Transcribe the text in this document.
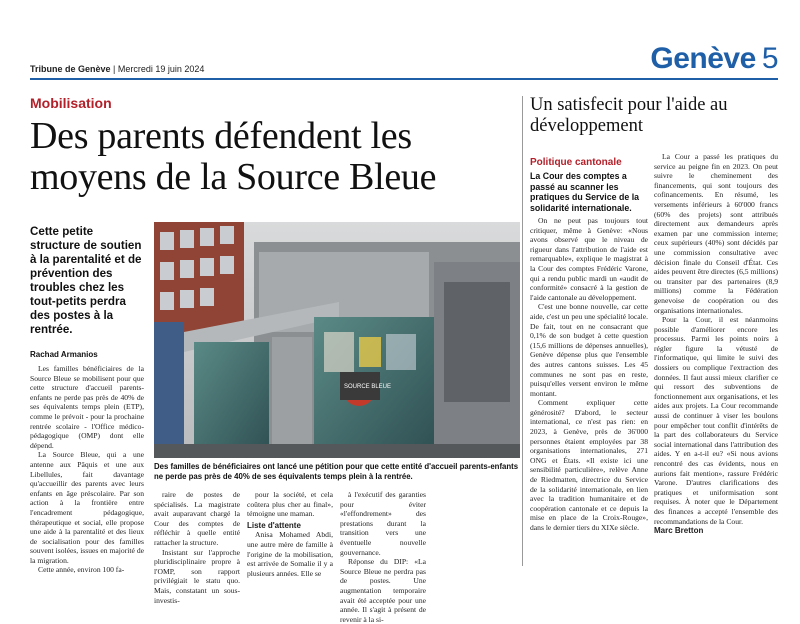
Tribune de Genève | Mercredi 19 juin 2024	Genève 5
Mobilisation
Des parents défendent les moyens de la Source Bleue
Cette petite structure de soutien à la parentalité et de prévention des troubles chez les tout-petits perdra des postes à la rentrée.
Rachad Armanios

Les familles bénéficiaires de la Source Bleue se mobilisent pour que cette structure d'accueil parents-enfants ne perde pas près de 40% de ses équivalents temps plein (ETP), comme le prévoit - pour la prochaine rentrée scolaire - l'Office médico-pédagogique (OMP) dont elle dépend.

La Source Bleue, qui a une antenne aux Pâquis et une aux Libellules, fait davantage qu'accueillir des parents avec leurs enfants en âge préscolaire. Par son action à la frontière entre l'encadrement pédagogique, thérapeutique et social, elle propose une aide à la parentalité et des lieux de socialisation pour des familles souvent isolées, issues en majorité de la migration.

Cette année, environ 100 fa-

SOURCE BLEUE
Des familles de bénéficiaires ont lancé une pétition pour que cette entité d'accueil parents-enfants ne perde pas près de 40% de ses équivalents temps plein à la rentrée.

raire de postes de spécialisés. La magistrate avait auparavant chargé la Cour des comptes de réfléchir à quelle entité rattacher la structure.

Insistant sur l'approche pluridisciplinaire propre à l'OMP, son rapport privilégiait le statu quo. Mais, constatant un sous-investis-

pour la société, et cela coûtera plus cher au final», témoigne une maman.

Liste d'attente

Anisa Mohamed Abdi, une autre mère de famille à l'origine de la mobilisation, est arrivée de Somalie il y a plusieurs années. Elle se

à l'exécutif des garanties pour éviter «l'effondrement» des prestations durant la transition vers une éventuelle nouvelle gouvernance.

Réponse du DIP: «La Source Bleue ne perdra pas de postes. Une augmentation temporaire avait été acceptée pour une année. Il s'agit à présent de revenir à la si-

Un satisfecit pour l'aide au développement
Politique cantonale
La Cour des comptes a passé au scanner les pratiques du Service de la solidarité internationale.

On ne peut pas toujours tout critiquer, même à Genève: «Nous avons observé que le niveau de rigueur dans l'attribution de l'aide est remarquable», explique le magistrat à la Cour des comptes Frédéric Varone, qui a rendu public mardi un «audit de conformité» consacré à la gestion de l'aide cantonale au développement.

C'est une bonne nouvelle, car cette aide, c'est un peu une spécialité locale. De fait, tout en ne consacrant que 0,1% de son budget à cette question (15,6 millions de dépenses annuelles), Genève dépense plus que l'ensemble des autres cantons suisses. Les 45 communes ne sont pas en reste, puisqu'elles versent environ le même montant.

Comment expliquer cette générosité? D'abord, le secteur international, ce n'est pas rien: en 2023, à Genève, près de 36'000 personnes étaient employées par 38 organisations internationales, 271 ONG et États. «Il existe ici une sensibilité particulière», relève Anne de Riedmatten, directrice du Service de la solidarité internationale, en lien avec la tradition humanitaire et de coopération cantonale et ce depuis la mise en place de la Croix-Rouge», dans le dernier tiers du XIXe siècle.

La Cour a passé les pratiques du service au peigne fin en 2023. On peut suivre le cheminement des financements, qui sont toujours des cofinancements. En résumé, les versements inférieurs à 60'000 francs (60% des projets) sont attribués directement aux demandeurs après examen par une commission interne; ceux supérieurs (40%) sont décidés par une commission consultative avec décision finale du Conseil d'État. Ces aides peuvent être directes (6,5 millions) ou transiter par des partenaires (8,9 millions) comme la Fédération genevoise de coopération ou des organisations internationales.

Pour la Cour, il est néanmoins possible d'améliorer encore les processus. Parmi les points noirs à régler figure la vétusté de l'informatique, qui limite le suivi des dossiers ou complique l'extraction des données. Il faut aussi mieux clarifier ce qui ressort des subventions de fonctionnement aux organisations, et les aides aux projets. La Cour recommande aussi de continuer à viser les boulons pour empêcher tout conflit d'intérêts de la part des collaborateurs du Service social international dans l'attribution des aides. Y en a-t-il eu? «Si nous avions rencontré des cas évidents, nous en aurions fait mention», rassure Frédéric Varone. D'autres clarifications des pratiques et uniformisation sont requises. À noter que le Département des finances a accepté l'ensemble des recommandations de la Cour.

Marc Bretton
